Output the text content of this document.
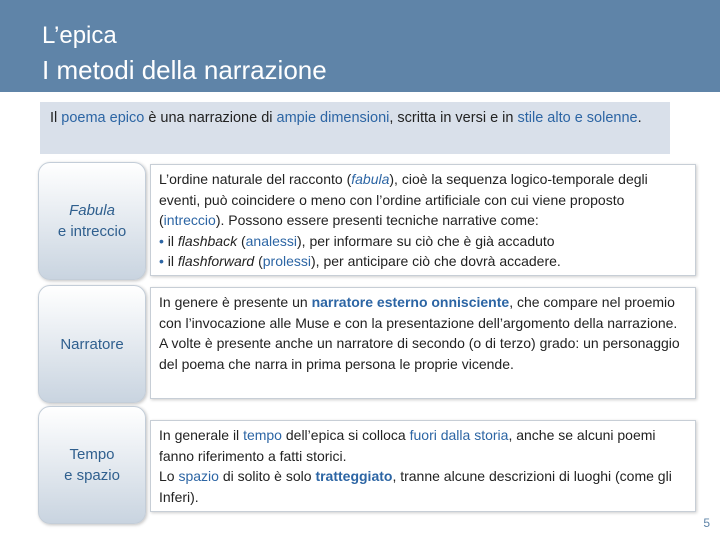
L’epica
I metodi della narrazione
Il poema epico è una narrazione di ampie dimensioni, scritta in versi e in stile alto e solenne.
Fabula
e intreccio
L’ordine naturale del racconto (fabula), cioè la sequenza logico-temporale degli eventi, può coincidere o meno con l’ordine artificiale con cui viene proposto (intreccio). Possono essere presenti tecniche narrative come:
• il flashback (analessi), per informare su ciò che è già accaduto
• il flashforward (prolessi), per anticipare ciò che dovrà accadere.
Narratore
In genere è presente un narratore esterno onnisciente, che compare nel proemio con l’invocazione alle Muse e con la presentazione dell’argomento della narrazione. A volte è presente anche un narratore di secondo (o di terzo) grado: un personaggio del poema che narra in prima persona le proprie vicende.
Tempo
e spazio
In generale il tempo dell’epica si colloca fuori dalla storia, anche se alcuni poemi fanno riferimento a fatti storici.
Lo spazio di solito è solo tratteggiato, tranne alcune descrizioni di luoghi (come gli Inferi).
5
